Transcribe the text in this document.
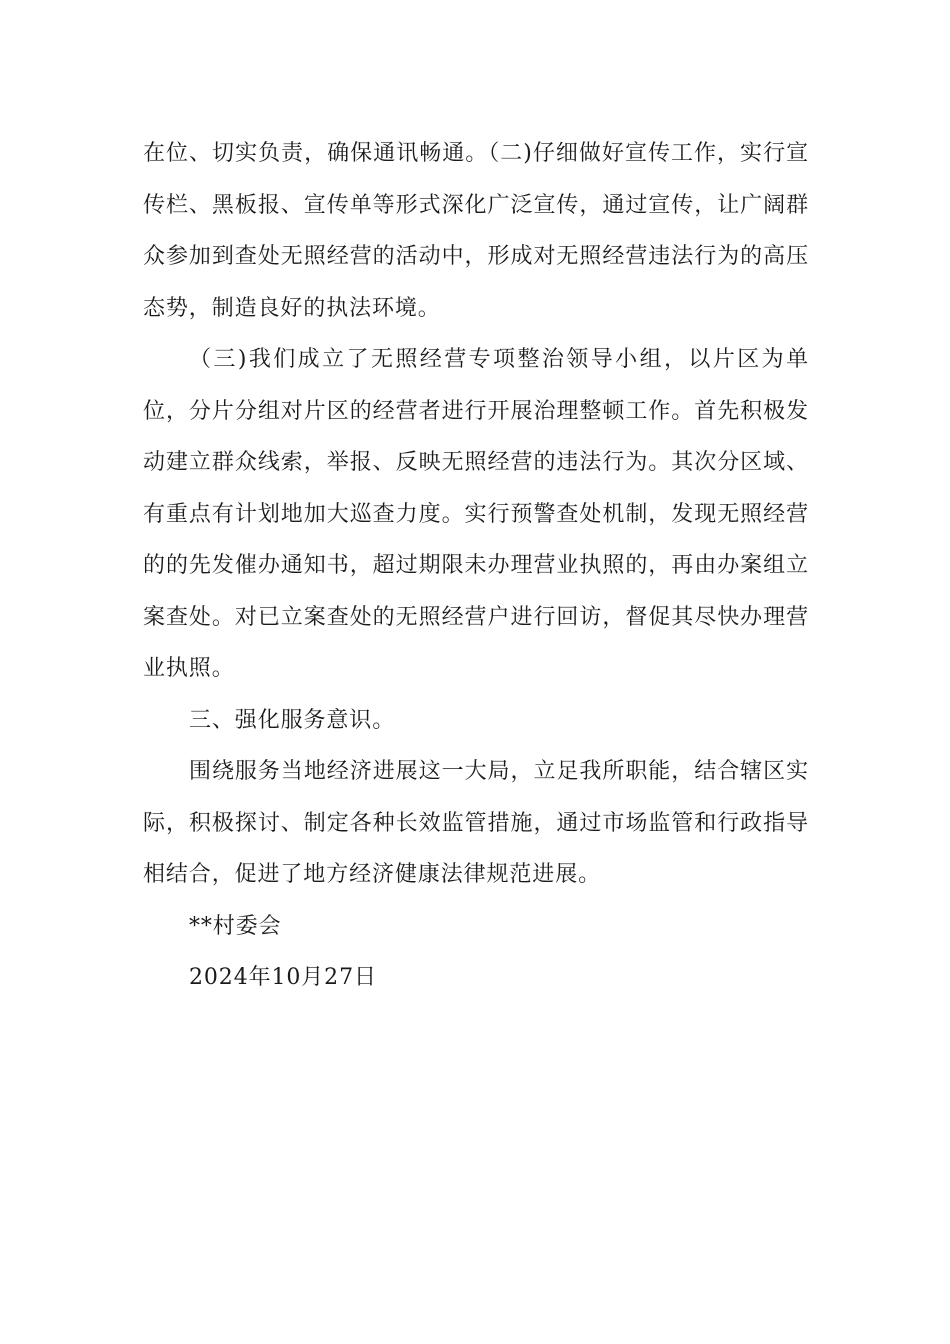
在位、切实负责，确保通讯畅通。（二)仔细做好宣传工作，实行宣传栏、黑板报、宣传单等形式深化广泛宣传，通过宣传，让广阔群众参加到查处无照经营的活动中，形成对无照经营违法行为的高压态势，制造良好的执法环境。

（三)我们成立了无照经营专项整治领导小组，以片区为单位，分片分组对片区的经营者进行开展治理整顿工作。首先积极发动建立群众线索，举报、反映无照经营的违法行为。其次分区域、有重点有计划地加大巡查力度。实行预警查处机制，发现无照经营的的先发催办通知书，超过期限未办理营业执照的，再由办案组立案查处。对已立案查处的无照经营户进行回访，督促其尽快办理营业执照。

三、强化服务意识。

围绕服务当地经济进展这一大局，立足我所职能，结合辖区实际，积极探讨、制定各种长效监管措施，通过市场监管和行政指导相结合，促进了地方经济健康法律规范进展。

**村委会

2024年10月27日
